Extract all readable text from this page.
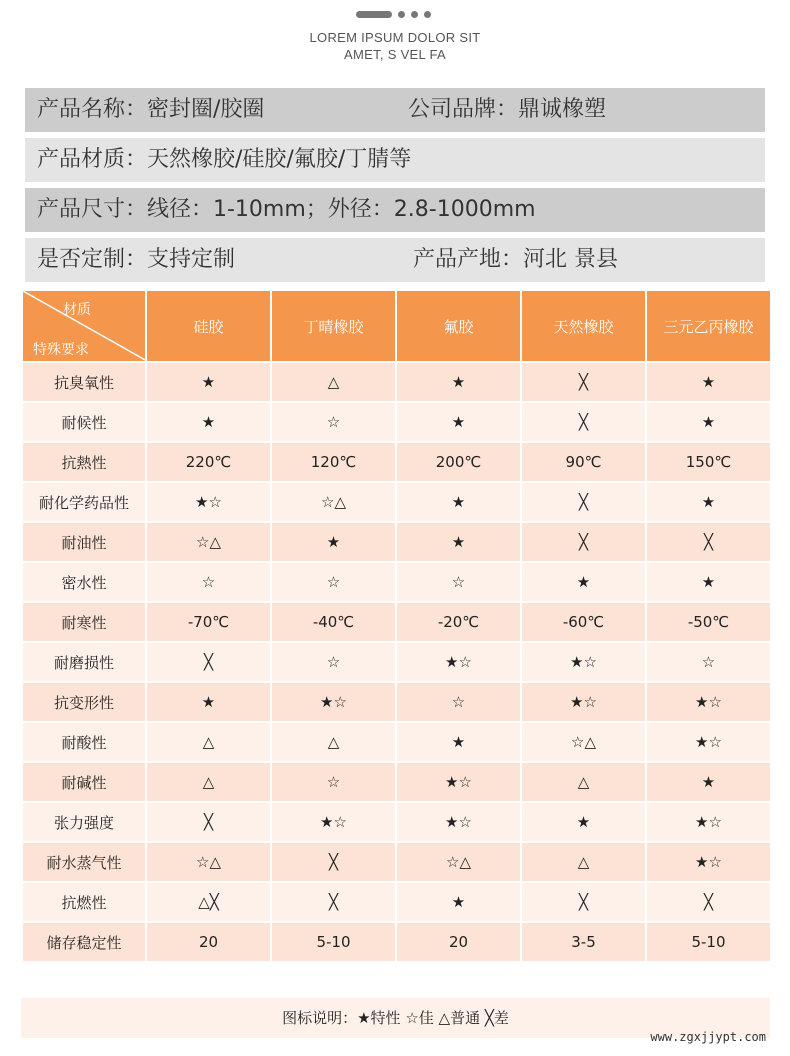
LOREM IPSUM DOLOR SIT
AMET, S VEL FA
产品名称：密封圈/胶圈	公司品牌：鼎诚橡塑
产品材质：天然橡胶/硅胶/氟胶/丁腈等
产品尺寸：线径：1-10mm；外径：2.8-1000mm
是否定制：支持定制	产品产地：河北 景县
材质
特殊要求	硅胶	丁晴橡胶	氟胶	天然橡胶	三元乙丙橡胶
抗臭氧性	★	△	★	╳	★
耐候性	★	☆	★	╳	★
抗熱性	220℃	120℃	200℃	90℃	150℃
耐化学药品性	★☆	☆△	★	╳	★
耐油性	☆△	★	★	╳	╳
密水性	☆	☆	☆	★	★
耐寒性	-70℃	-40℃	-20℃	-60℃	-50℃
耐磨损性	╳	☆	★☆	★☆	☆
抗变形性	★	★☆	☆	★☆	★☆
耐酸性	△	△	★	☆△	★☆
耐碱性	△	☆	★☆	△	★
张力强度	╳	★☆	★☆	★	★☆
耐水蒸气性	☆△	╳	☆△	△	★☆
抗燃性	△╳	╳	★	╳	╳
储存稳定性	20	5-10	20	3-5	5-10
图标说明：★特性 ☆佳 △普通 ╳差
www.zgxjjypt.com
